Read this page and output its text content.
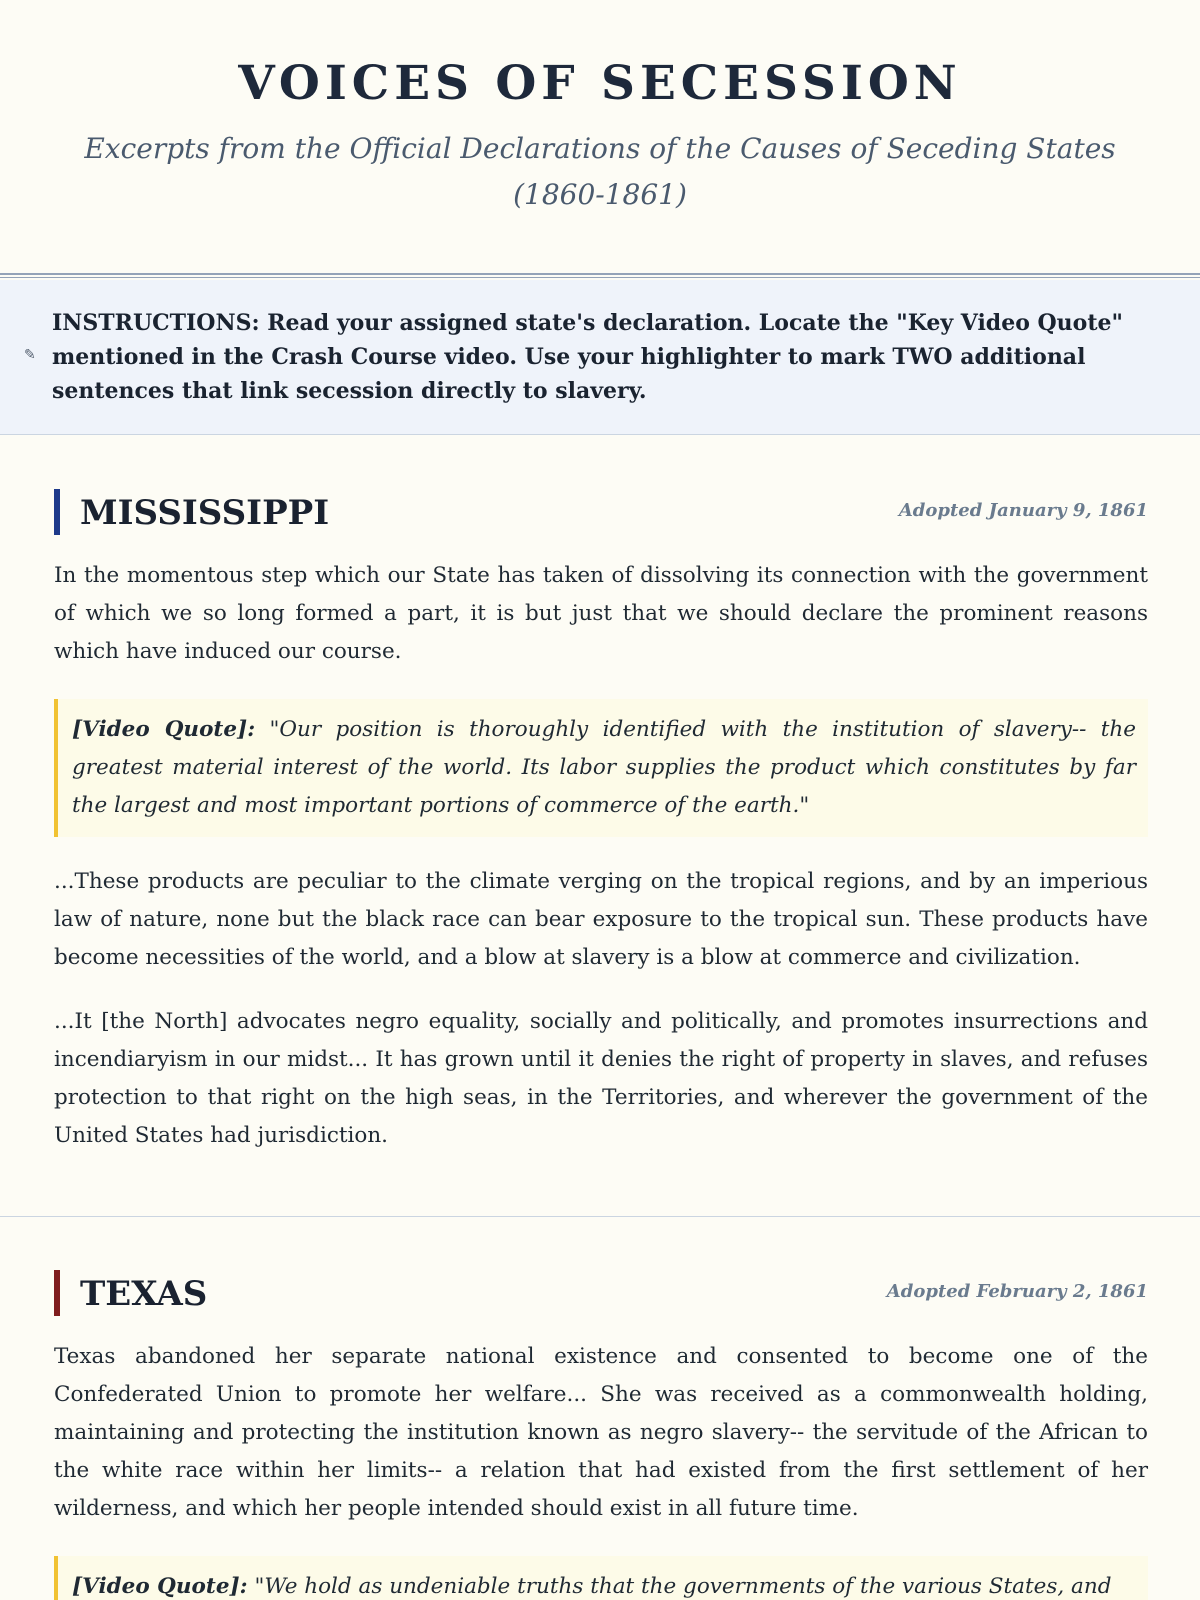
VOICES OF SECESSION
Excerpts from the Official Declarations of the Causes of Seceding States (1860-1861)
✎

INSTRUCTIONS: Read your assigned state's declaration. Locate the "Key Video Quote" mentioned in the Crash Course video. Use your highlighter to mark TWO additional sentences that link secession directly to slavery.

MISSISSIPPI	Adopted January 9, 1861

In the momentous step which our State has taken of dissolving its connection with the government of which we so long formed a part, it is but just that we should declare the prominent reasons which have induced our course.

[Video Quote]: "Our position is thoroughly identified with the institution of slavery-- the greatest material interest of the world. Its labor supplies the product which constitutes by far the largest and most important portions of commerce of the earth."

...These products are peculiar to the climate verging on the tropical regions, and by an imperious law of nature, none but the black race can bear exposure to the tropical sun. These products have become necessities of the world, and a blow at slavery is a blow at commerce and civilization.

...It [the North] advocates negro equality, socially and politically, and promotes insurrections and incendiaryism in our midst... It has grown until it denies the right of property in slaves, and refuses protection to that right on the high seas, in the Territories, and wherever the government of the United States had jurisdiction.

TEXAS	Adopted February 2, 1861

Texas abandoned her separate national existence and consented to become one of the Confederated Union to promote her welfare... She was received as a commonwealth holding, maintaining and protecting the institution known as negro slavery-- the servitude of the African to the white race within her limits-- a relation that had existed from the first settlement of her wilderness, and which her people intended should exist in all future time.

[Video Quote]: "We hold as undeniable truths that the governments of the various States, and
